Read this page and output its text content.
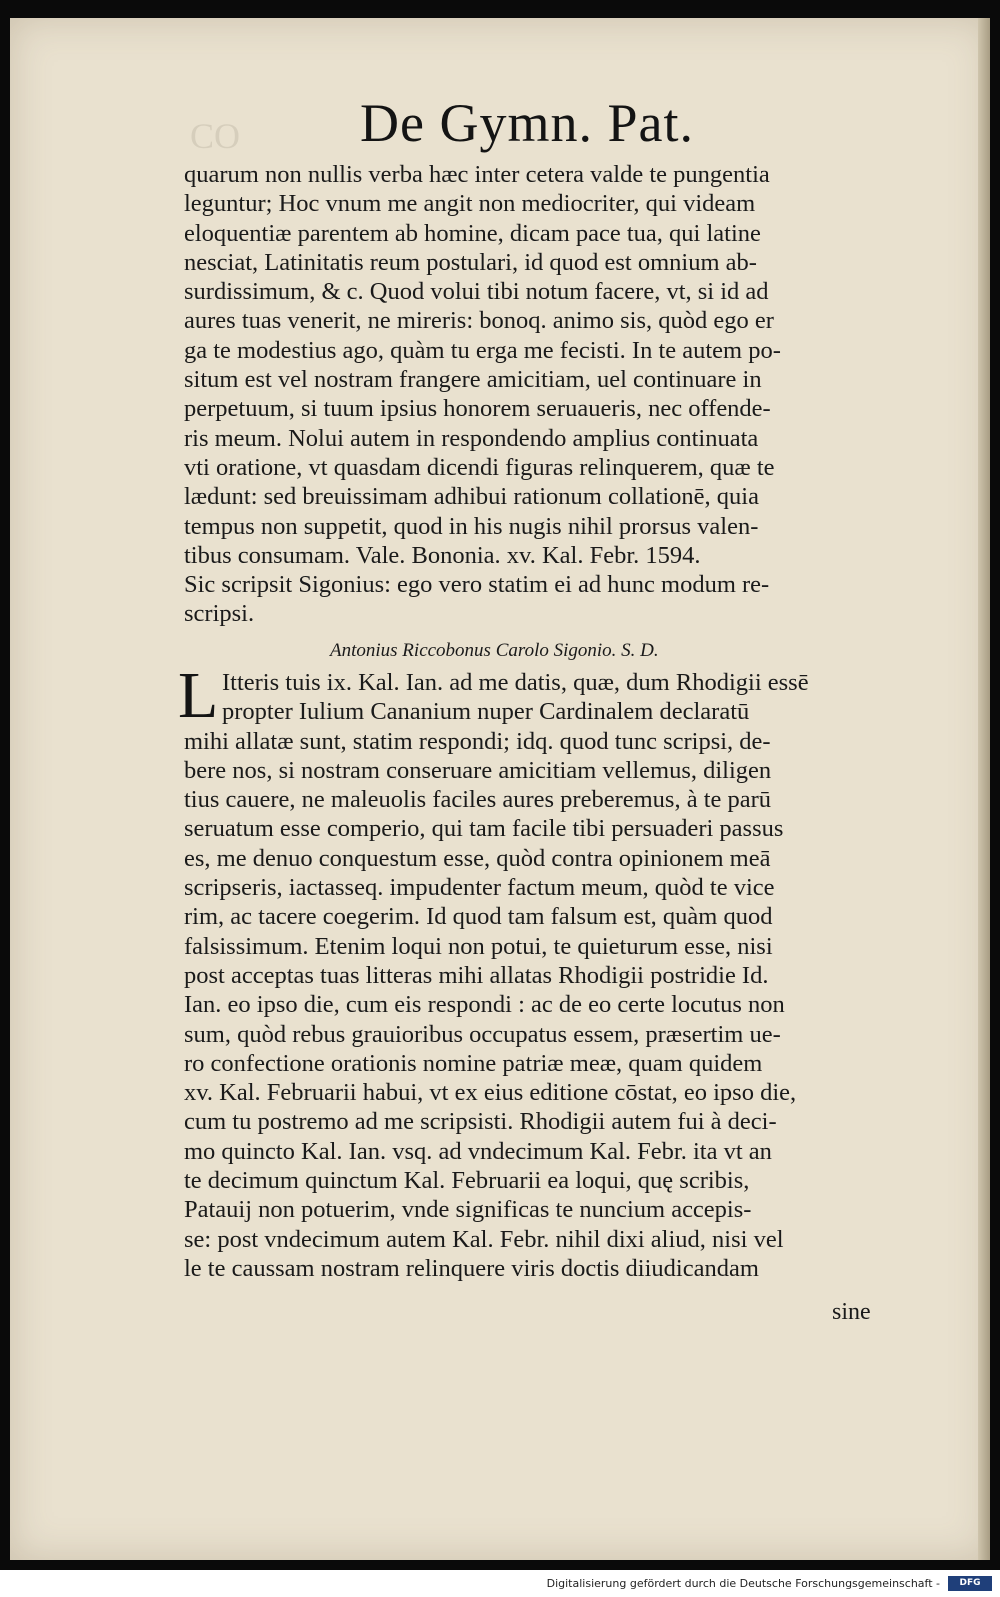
CO De Gymn. Pat.
quarum non nullis verba hæc inter cetera valde te pungentia
leguntur; Hoc vnum me angit non mediocriter, qui videam
eloquentiæ parentem ab homine, dicam pace tua, qui latine
nesciat, Latinitatis reum postulari, id quod est omnium ab-
surdissimum, & c. Quod volui tibi notum facere, vt, si id ad
aures tuas venerit, ne mireris: bonoq. animo sis, quòd ego er
ga te modestius ago, quàm tu erga me fecisti. In te autem po-
situm est vel nostram frangere amicitiam, uel continuare in
perpetuum, si tuum ipsius honorem seruaueris, nec offende-
ris meum. Nolui autem in respondendo amplius continuata
vti oratione, vt quasdam dicendi figuras relinquerem, quæ te
lædunt: sed breuissimam adhibui rationum collationē, quia
tempus non suppetit, quod in his nugis nihil prorsus valen-
tibus consumam. Vale. Bononia. xv. Kal. Febr. 1594.
Sic scripsit Sigonius: ego vero statim ei ad hunc modum re-
scripsi.
Antonius Riccobonus Carolo Sigonio. S. D.
L Itteris tuis ix. Kal. Ian. ad me datis, quæ, dum Rhodigii essē
propter Iulium Cananium nuper Cardinalem declaratū
mihi allatæ sunt, statim respondi; idq. quod tunc scripsi, de-
bere nos, si nostram conseruare amicitiam vellemus, diligen
tius cauere, ne maleuolis faciles aures preberemus, à te parū
seruatum esse comperio, qui tam facile tibi persuaderi passus
es, me denuo conquestum esse, quòd contra opinionem meā
scripseris, iactasseq. impudenter factum meum, quòd te vice
rim, ac tacere coegerim. Id quod tam falsum est, quàm quod
falsissimum. Etenim loqui non potui, te quieturum esse, nisi
post acceptas tuas litteras mihi allatas Rhodigii postridie Id.
Ian. eo ipso die, cum eis respondi : ac de eo certe locutus non
sum, quòd rebus grauioribus occupatus essem, præsertim ue-
ro confectione orationis nomine patriæ meæ, quam quidem
xv. Kal. Februarii habui, vt ex eius editione cōstat, eo ipso die,
cum tu postremo ad me scripsisti. Rhodigii autem fui à deci-
mo quincto Kal. Ian. vsq. ad vndecimum Kal. Febr. ita vt an
te decimum quinctum Kal. Februarii ea loqui, quę scribis,
Patauij non potuerim, vnde significas te nuncium accepis-
se: post vndecimum autem Kal. Febr. nihil dixi aliud, nisi vel
le te caussam nostram relinquere viris doctis diiudicandam
sine
Digitalisierung gefördert durch die Deutsche Forschungsgemeinschaft -	DFG
